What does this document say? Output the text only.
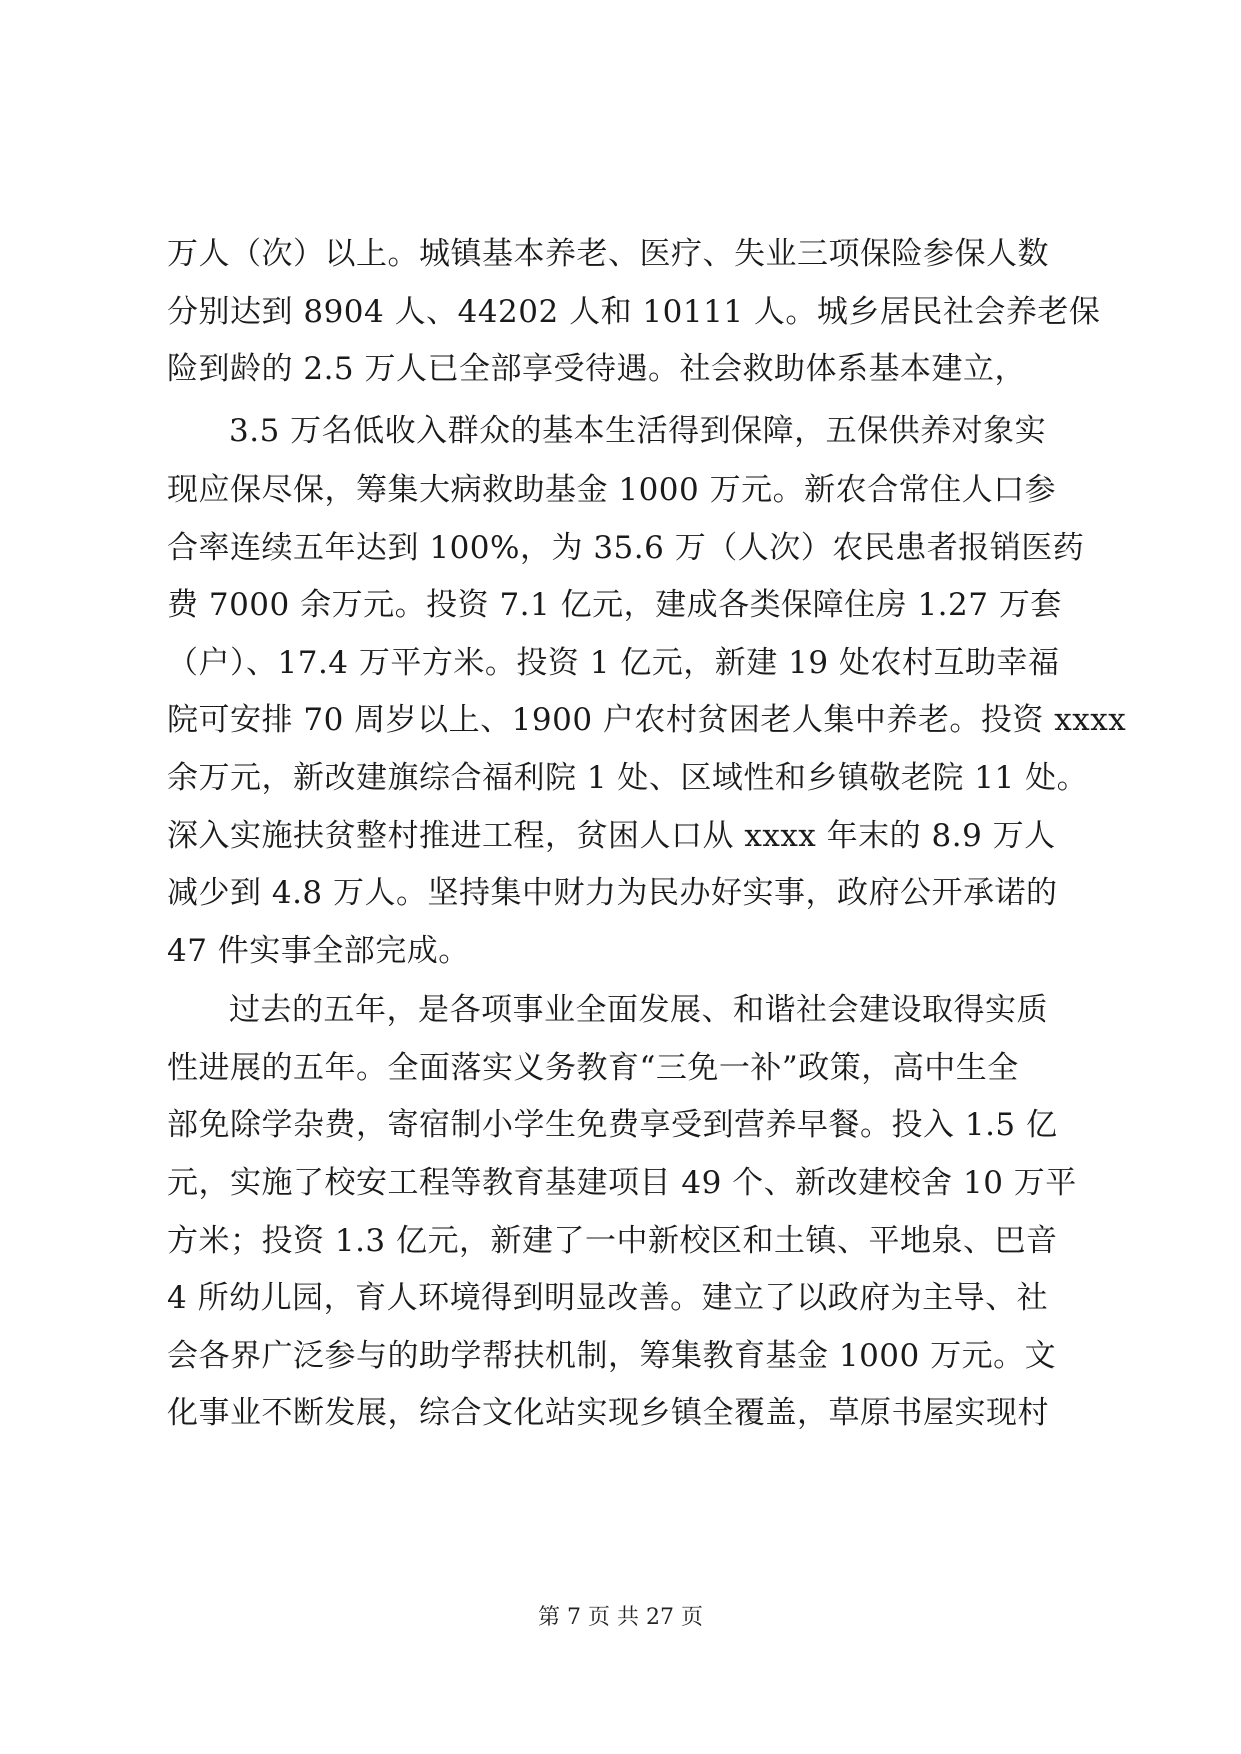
万人（次）以上。城镇基本养老、医疗、失业三项保险参保人数
分别达到 8904 人、44202 人和 10111 人。城乡居民社会养老保
险到龄的 2.5 万人已全部享受待遇。社会救助体系基本建立，
3.5 万名低收入群众的基本生活得到保障，五保供养对象实
现应保尽保，筹集大病救助基金 1000 万元。新农合常住人口参
合率连续五年达到 100%，为 35.6 万（人次）农民患者报销医药
费 7000 余万元。投资 7.1 亿元，建成各类保障住房 1.27 万套
（户）、17.4 万平方米。投资 1 亿元，新建 19 处农村互助幸福
院可安排 70 周岁以上、1900 户农村贫困老人集中养老。投资 xxxx
余万元，新改建旗综合福利院 1 处、区域性和乡镇敬老院 11 处。
深入实施扶贫整村推进工程，贫困人口从 xxxx 年末的 8.9 万人
减少到 4.8 万人。坚持集中财力为民办好实事，政府公开承诺的
47 件实事全部完成。
过去的五年，是各项事业全面发展、和谐社会建设取得实质
性进展的五年。全面落实义务教育“三免一补”政策，高中生全
部免除学杂费，寄宿制小学生免费享受到营养早餐。投入 1.5 亿
元，实施了校安工程等教育基建项目 49 个、新改建校舍 10 万平
方米；投资 1.3 亿元，新建了一中新校区和土镇、平地泉、巴音
4 所幼儿园，育人环境得到明显改善。建立了以政府为主导、社
会各界广泛参与的助学帮扶机制，筹集教育基金 1000 万元。文
化事业不断发展，综合文化站实现乡镇全覆盖，草原书屋实现村
第 7 页 共 27 页
